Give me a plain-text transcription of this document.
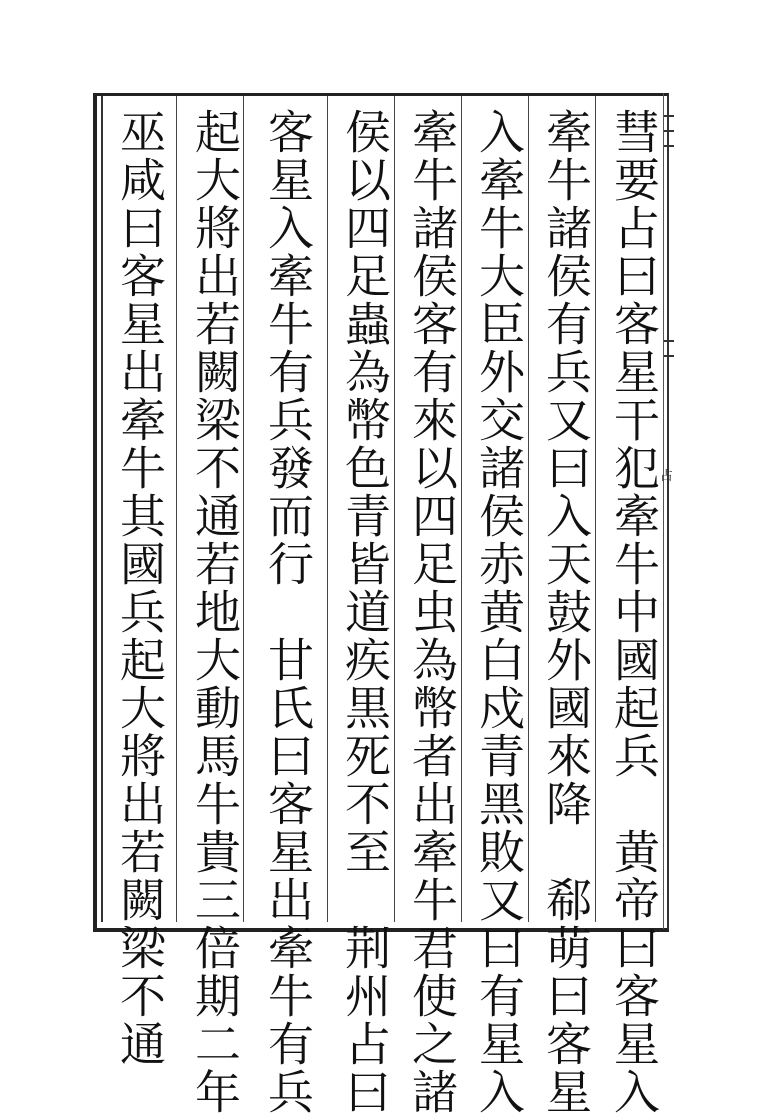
占
彗要占曰客星干犯牽牛中國起兵　黄帝曰客星入
牽牛諸侯有兵又曰入天鼓外國來降　郗萌曰客星
入牽牛大臣外交諸侯赤黄白戍青黑敗又曰有星入
牽牛諸侯客有來以四足虫為幣者出牽牛君使之諸
侯以四足蟲為幣色青皆道疾黒死不至　荆州占曰
客星入牽牛有兵發而行　甘氏曰客星出牽牛有兵
起大將出若闕梁不通若地大動馬牛貴三倍期二年
巫咸曰客星出牽牛其國兵起大將出若闕梁不通
